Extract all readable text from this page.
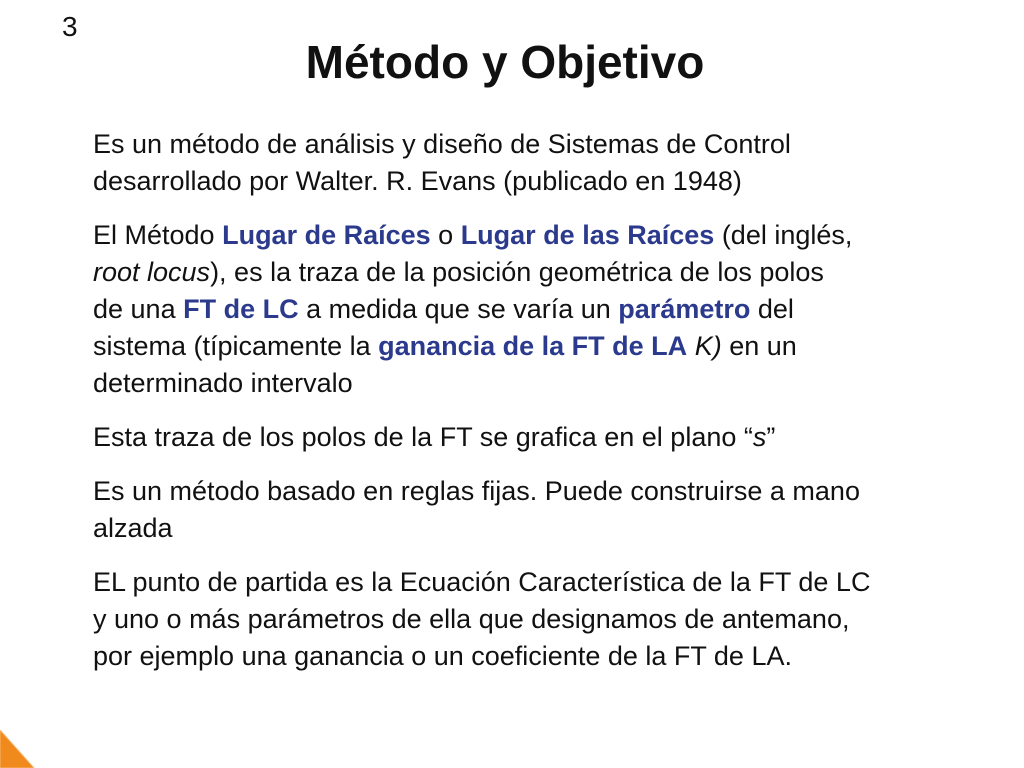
3
Método y Objetivo
Es un método de análisis y diseño de Sistemas de Control
desarrollado por Walter. R. Evans (publicado en 1948)
El Método Lugar de Raíces o Lugar de las Raíces (del inglés,
root locus), es la traza de la posición geométrica de los polos
de una FT de LC a medida que se varía un parámetro del
sistema (típicamente la ganancia de la FT de LA K) en un
determinado intervalo
Esta traza de los polos de la FT se grafica en el plano “s”
Es un método basado en reglas fijas. Puede construirse a mano
alzada
EL punto de partida es la Ecuación Característica de la FT de LC
y uno o más parámetros de ella que designamos de antemano,
por ejemplo una ganancia o un coeficiente de la FT de LA.
